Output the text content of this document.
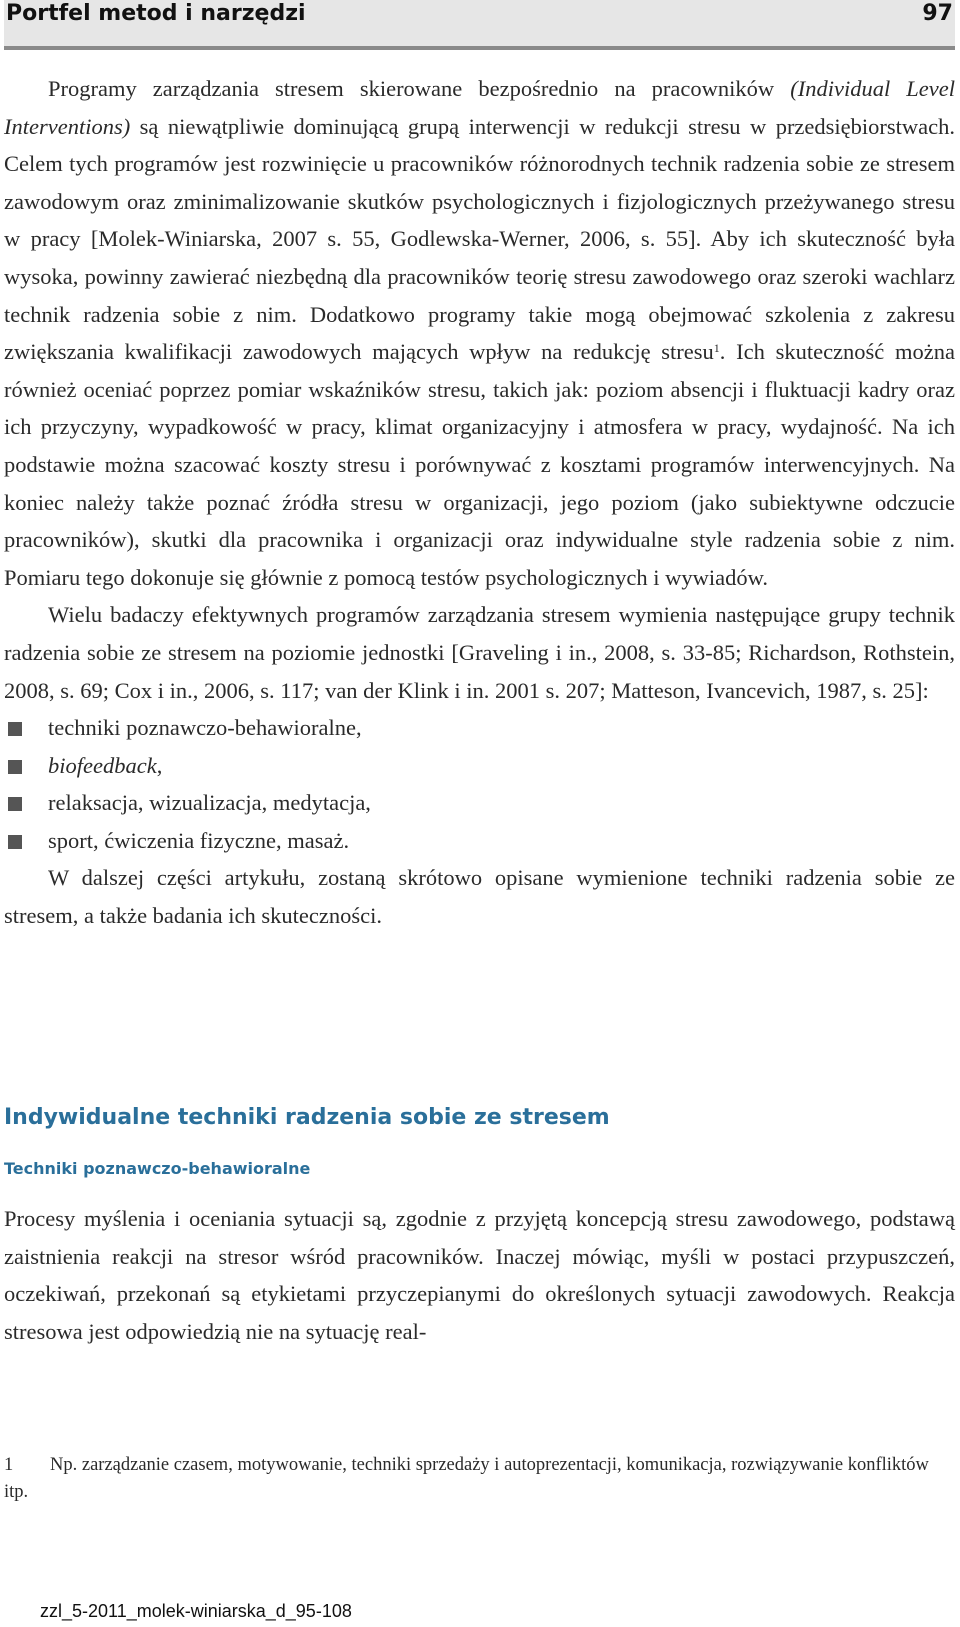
Portfel metod i narzędzi	97

Programy zarządzania stresem skierowane bezpośrednio na pracowników (Individual Level Interventions) są niewątpliwie dominującą grupą interwencji w redukcji stresu w przedsiębiorstwach. Celem tych programów jest rozwinięcie u pracowników różnorodnych technik radzenia sobie ze stresem zawodowym oraz zminimalizowanie skutków psychologicznych i fizjologicznych przeżywanego stresu w pracy [Molek-Winiarska, 2007 s. 55, Godlewska-Werner, 2006, s. 55]. Aby ich skuteczność była wysoka, powinny zawierać niezbędną dla pracowników teorię stresu zawodowego oraz szeroki wachlarz technik radzenia sobie z nim. Dodatkowo programy takie mogą obejmować szkolenia z zakresu zwiększania kwalifikacji zawodowych mających wpływ na redukcję stresu$^1$. Ich skuteczność można również oceniać poprzez pomiar wskaźników stresu, takich jak: poziom absencji i fluktuacji kadry oraz ich przyczyny, wypadkowość w pracy, klimat organizacyjny i atmosfera w pracy, wydajność. Na ich podstawie można szacować koszty stresu i porównywać z kosztami programów interwencyjnych. Na koniec należy także poznać źródła stresu w organizacji, jego poziom (jako subiektywne odczucie pracowników), skutki dla pracownika i organizacji oraz indywidualne style radzenia sobie z nim. Pomiaru tego dokonuje się głównie z pomocą testów psychologicznych i wywiadów.

Wielu badaczy efektywnych programów zarządzania stresem wymienia następujące grupy technik radzenia sobie ze stresem na poziomie jednostki [Graveling i in., 2008, s. 33-85; Richardson, Rothstein, 2008, s. 69; Cox i in., 2006, s. 117; van der Klink i in. 2001 s. 207; Matteson, Ivancevich, 1987, s. 25]:

techniki poznawczo-behawioralne,
biofeedback,
relaksacja, wizualizacja, medytacja,
sport, ćwiczenia fizyczne, masaż.

W dalszej części artykułu, zostaną skrótowo opisane wymienione techniki radzenia sobie ze stresem, a także badania ich skuteczności.

Indywidualne techniki radzenia sobie ze stresem
Techniki poznawczo-behawioralne

Procesy myślenia i oceniania sytuacji są, zgodnie z przyjętą koncepcją stresu zawodowego, podstawą zaistnienia reakcji na stresor wśród pracowników. Inaczej mówiąc, myśli w postaci przypuszczeń, oczekiwań, przekonań są etykietami przyczepianymi do określonych sytuacji zawodowych. Reakcja stresowa jest odpowiedzią nie na sytuację real-

1 Np. zarządzanie czasem, motywowanie, techniki sprzedaży i autoprezentacji, komunikacja, rozwiązywanie konfliktów itp.
zzl_5-2011_molek-winiarska_d_95-108
